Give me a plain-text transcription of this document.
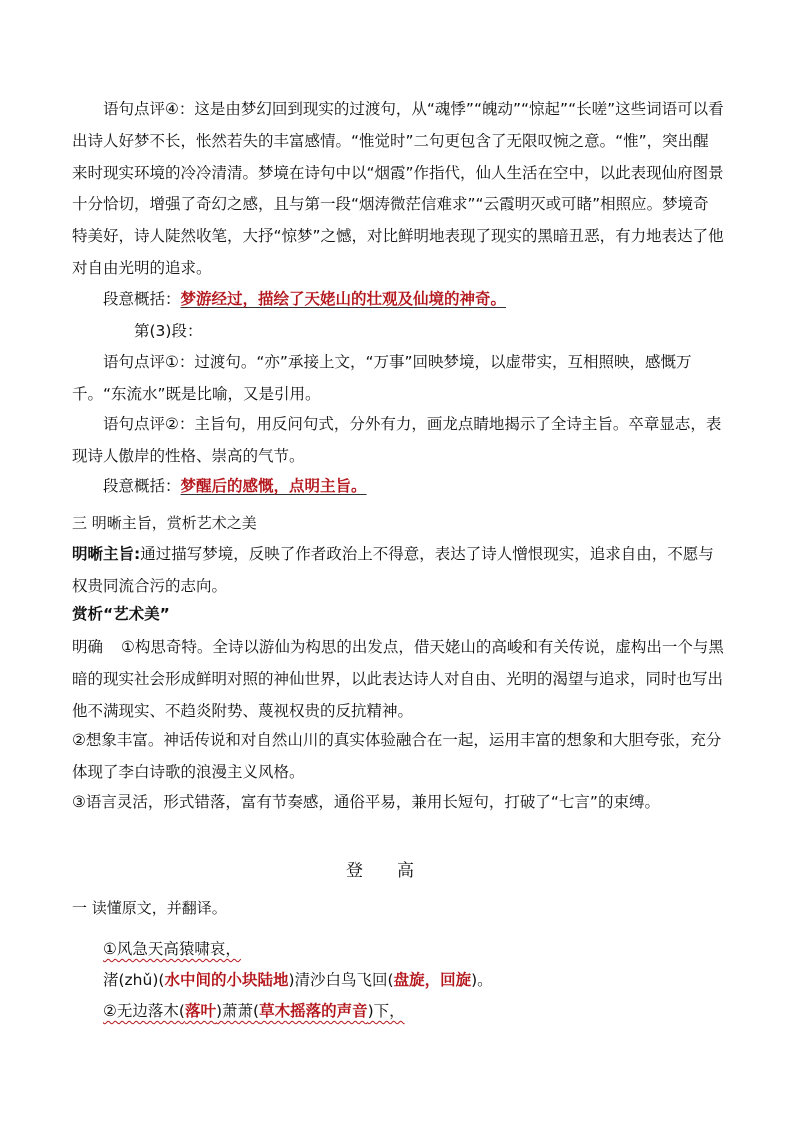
语句点评④：这是由梦幻回到现实的过渡句，从“魂悸”“魄动”“惊起”“长嗟”这些词语可以看出诗人好梦不长，怅然若失的丰富感情。“惟觉时”二句更包含了无限叹惋之意。“惟”，突出醒来时现实环境的冷冷清清。梦境在诗句中以“烟霞”作指代，仙人生活在空中，以此表现仙府图景十分恰切，增强了奇幻之感，且与第一段“烟涛微茫信难求”“云霞明灭或可睹”相照应。梦境奇特美好，诗人陡然收笔，大抒“惊梦”之憾，对比鲜明地表现了现实的黑暗丑恶，有力地表达了他对自由光明的追求。

段意概括：梦游经过，描绘了天姥山的壮观及仙境的神奇。

第(3)段：

语句点评①：过渡句。“亦”承接上文，“万事”回映梦境，以虚带实，互相照映，感慨万千。“东流水”既是比喻，又是引用。

语句点评②：主旨句，用反问句式，分外有力，画龙点睛地揭示了全诗主旨。卒章显志，表现诗人傲岸的性格、崇高的气节。

段意概括：梦醒后的感慨，点明主旨。

三 明晰主旨，赏析艺术之美

明晰主旨:通过描写梦境，反映了作者政治上不得意，表达了诗人憎恨现实，追求自由，不愿与权贵同流合污的志向。

赏析“艺术美”

明确 ①构思奇特。全诗以游仙为构思的出发点，借天姥山的高峻和有关传说，虚构出一个与黑暗的现实社会形成鲜明对照的神仙世界，以此表达诗人对自由、光明的渴望与追求，同时也写出他不满现实、不趋炎附势、蔑视权贵的反抗精神。

②想象丰富。神话传说和对自然山川的真实体验融合在一起，运用丰富的想象和大胆夸张，充分体现了李白诗歌的浪漫主义风格。

③语言灵活，形式错落，富有节奏感，通俗平易，兼用长短句，打破了“七言”的束缚。

登高

一 读懂原文，并翻译。

①风急天高猿啸哀，

渚(zhǔ)(水中间的小块陆地)清沙白鸟飞回(盘旋，回旋)。

②无边落木(落叶)萧萧(草木摇落的声音)下，
